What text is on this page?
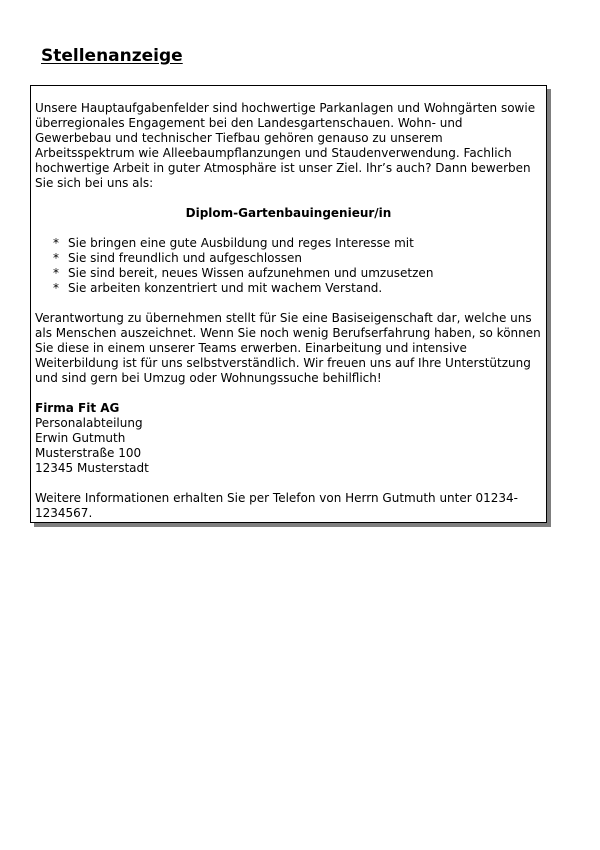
Stellenanzeige

Unsere Hauptaufgabenfelder sind hochwertige Parkanlagen und Wohngärten sowie überregionales Engagement bei den Landesgartenschauen. Wohn- und Gewerbebau und technischer Tiefbau gehören genauso zu unserem Arbeitsspektrum wie Alleebaumpflanzungen und Staudenverwendung. Fachlich hochwertige Arbeit in guter Atmosphäre ist unser Ziel. Ihr’s auch? Dann bewerben Sie sich bei uns als:

Diplom-Gartenbauingenieur/in

* Sie bringen eine gute Ausbildung und reges Interesse mit
* Sie sind freundlich und aufgeschlossen
* Sie sind bereit, neues Wissen aufzunehmen und umzusetzen
* Sie arbeiten konzentriert und mit wachem Verstand.

Verantwortung zu übernehmen stellt für Sie eine Basiseigenschaft dar, welche uns als Menschen auszeichnet. Wenn Sie noch wenig Berufserfahrung haben, so können Sie diese in einem unserer Teams erwerben. Einarbeitung und intensive Weiterbildung ist für uns selbstverständlich. Wir freuen uns auf Ihre Unterstützung und sind gern bei Umzug oder Wohnungssuche behilflich!

Firma Fit AG
Personalabteilung
Erwin Gutmuth
Musterstraße 100
12345 Musterstadt

Weitere Informationen erhalten Sie per Telefon von Herrn Gutmuth unter 01234-1234567.
